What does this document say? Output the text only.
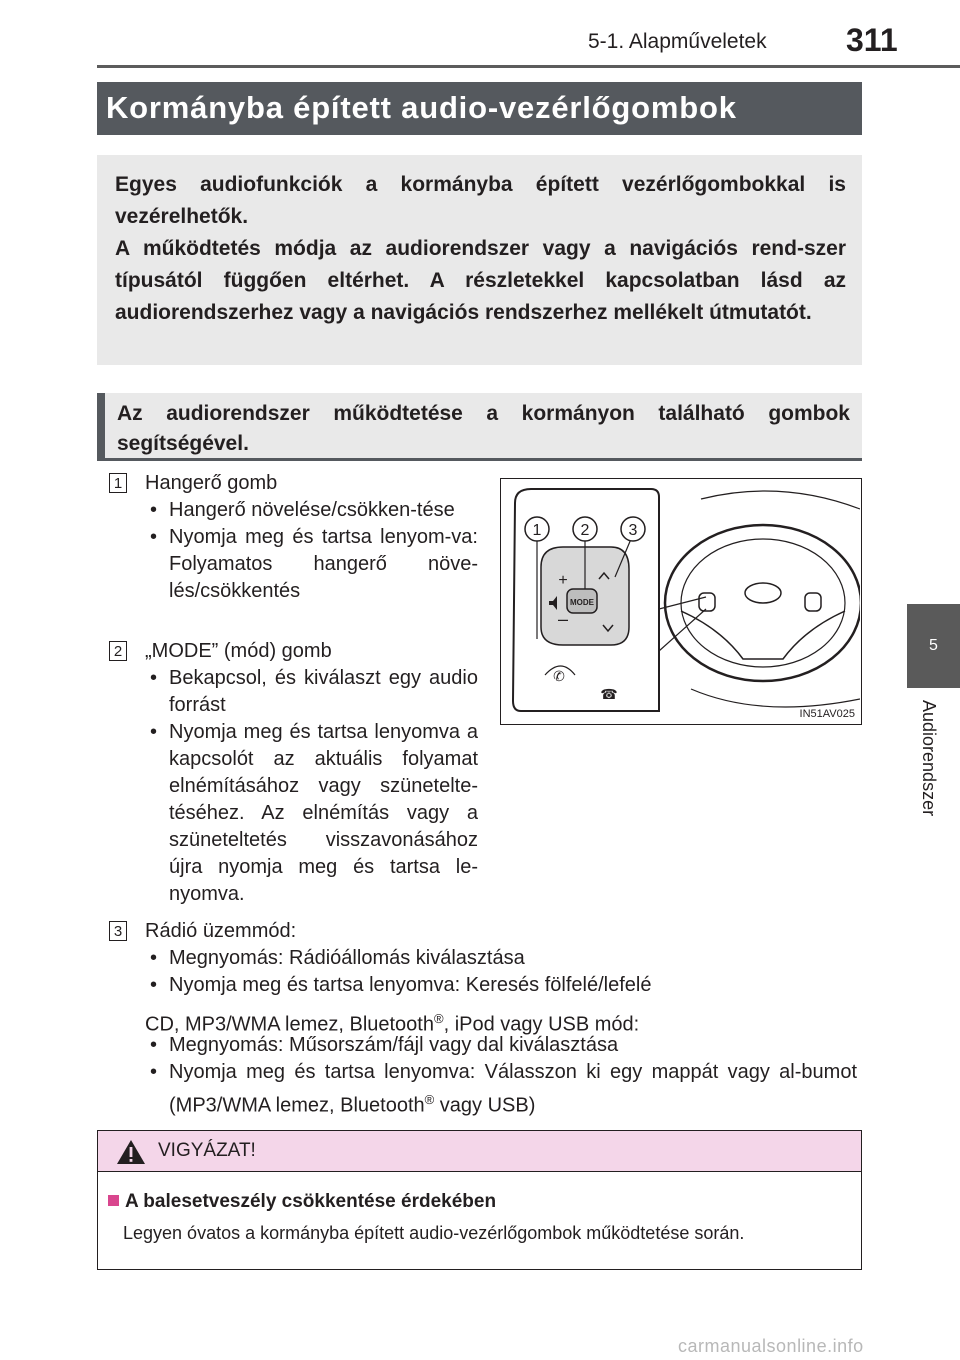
5-1. Alapműveletek 311
5
Audiorendszer
Kormányba épített audio-vezérlőgombok

Egyes audiofunkciók a kormányba épített vezérlőgombokkal is vezérelhetők.

A működtetés módja az audiorendszer vagy a navigációs rend-szer típusától függően eltérhet. A részletekkel kapcsolatban lásd az audiorendszerhez vagy a navigációs rendszerhez mellékelt útmutatót.

Az audiorendszer működtetése a kormányon található gombok segítségével.

1 Hangerő gomb
• Hangerő növelése/csökken-tése
• Nyomja meg és tartsa lenyom-va: Folyamatos hangerő növe-lés/csökkentés
2 „MODE” (mód) gomb
• Bekapcsol, és kiválaszt egy audio forrást
• Nyomja meg és tartsa lenyomva a kapcsolót az aktuális folyamat elnémításához vagy szünetelte-téséhez. Az elnémítás vagy a szüneteltetés visszavonásához újra nyomja meg és tartsa le-nyomva.
3 Rádió üzemmód:
• Megnyomás: Rádióállomás kiválasztása
• Nyomja meg és tartsa lenyomva: Keresés fölfelé/lefelé
CD, MP3/WMA lemez, Bluetooth®, iPod vagy USB mód:
• Megnyomás: Műsorszám/fájl vagy dal kiválasztása
• Nyomja meg és tartsa lenyomva: Válasszon ki egy mappát vagy al-bumot (MP3/WMA lemez, Bluetooth® vagy USB)
MODE
+
–
✆
☎
1 2 3
IN51AV025
VIGYÁZAT!
A balesetveszély csökkentése érdekében
Legyen óvatos a kormányba épített audio-vezérlőgombok működtetése során.
carmanualsonline.info
